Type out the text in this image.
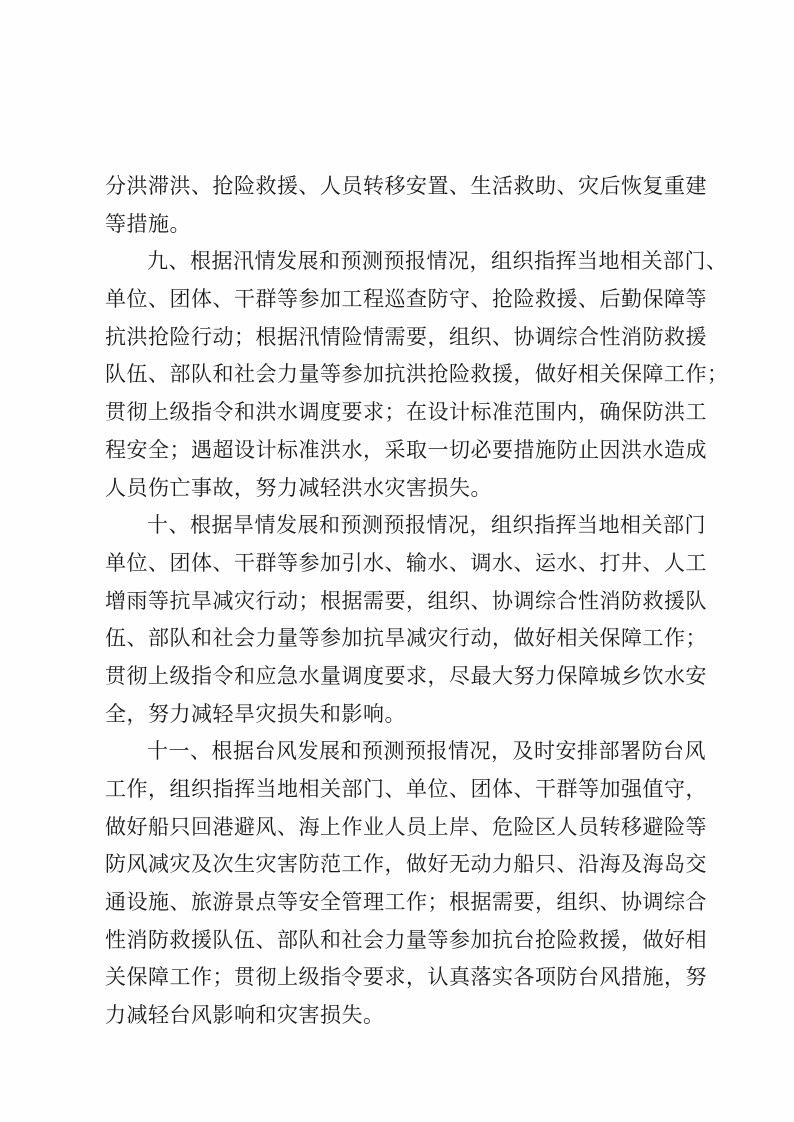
分洪滞洪、抢险救援、人员转移安置、生活救助、灾后恢复重建
等措施。
九、根据汛情发展和预测预报情况，组织指挥当地相关部门、
单位、团体、干群等参加工程巡查防守、抢险救援、后勤保障等
抗洪抢险行动；根据汛情险情需要，组织、协调综合性消防救援
队伍、部队和社会力量等参加抗洪抢险救援，做好相关保障工作；
贯彻上级指令和洪水调度要求；在设计标准范围内，确保防洪工
程安全；遇超设计标准洪水，采取一切必要措施防止因洪水造成
人员伤亡事故，努力减轻洪水灾害损失。
十、根据旱情发展和预测预报情况，组织指挥当地相关部门
单位、团体、干群等参加引水、输水、调水、运水、打井、人工
增雨等抗旱减灾行动；根据需要，组织、协调综合性消防救援队
伍、部队和社会力量等参加抗旱减灾行动，做好相关保障工作；
贯彻上级指令和应急水量调度要求，尽最大努力保障城乡饮水安
全，努力减轻旱灾损失和影响。
十一、根据台风发展和预测预报情况，及时安排部署防台风
工作，组织指挥当地相关部门、单位、团体、干群等加强值守，
做好船只回港避风、海上作业人员上岸、危险区人员转移避险等
防风减灾及次生灾害防范工作，做好无动力船只、沿海及海岛交
通设施、旅游景点等安全管理工作；根据需要，组织、协调综合
性消防救援队伍、部队和社会力量等参加抗台抢险救援，做好相
关保障工作；贯彻上级指令要求，认真落实各项防台风措施，努
力减轻台风影响和灾害损失。
